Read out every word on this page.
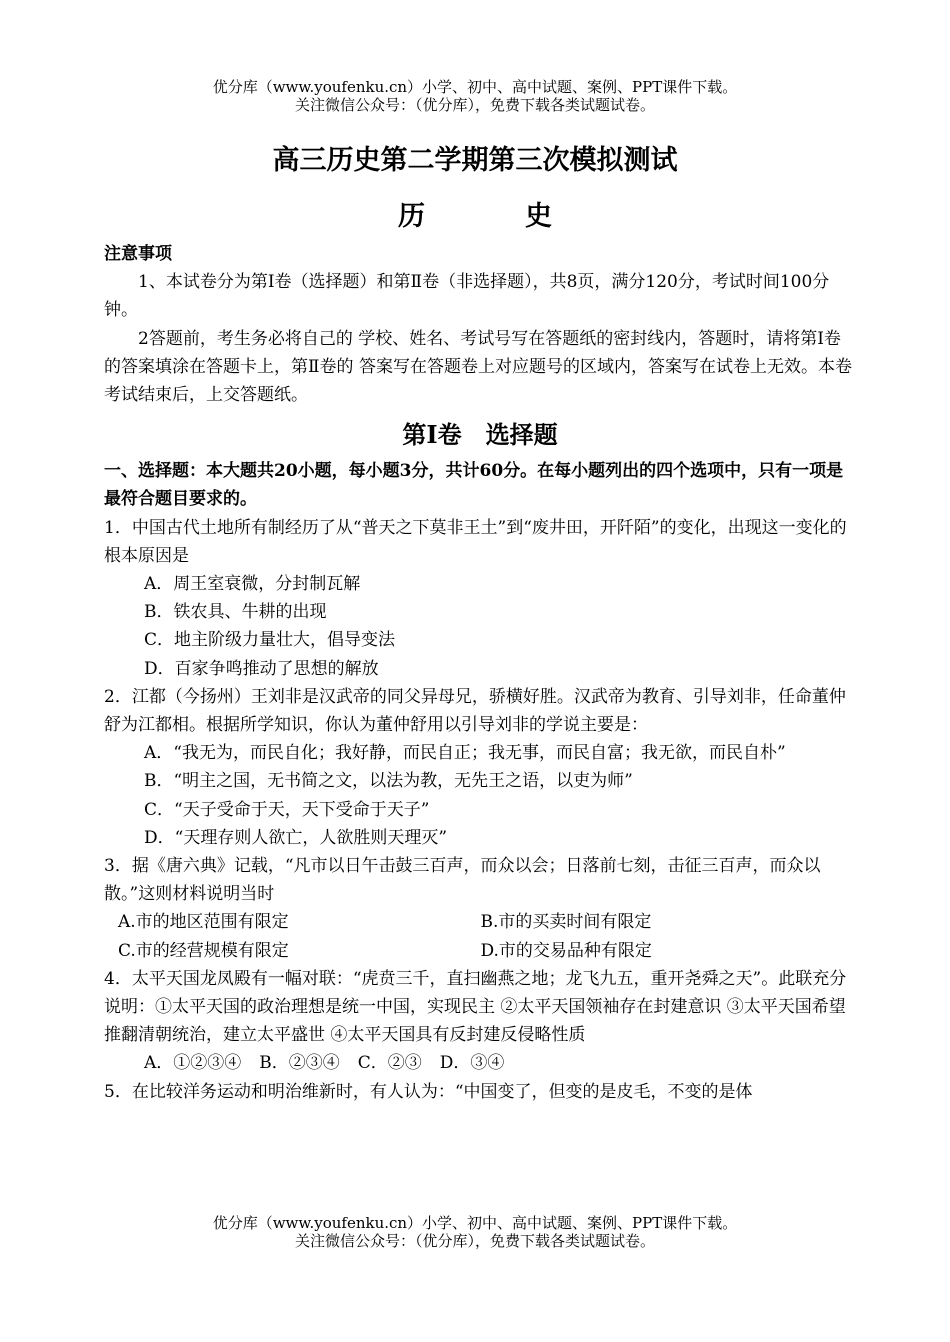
优分库（www.youfenku.cn）小学、初中、高中试题、案例、PPT课件下载。
关注微信公众号：（优分库），免费下载各类试题试卷。
高三历史第二学期第三次模拟测试
历	史

注意事项

1、本试卷分为第Ⅰ卷（选择题）和第Ⅱ卷（非选择题），共8页，满分120分，考试时间100分钟。

2答题前，考生务必将自己的 学校、姓名、考试号写在答题纸的密封线内，答题时，请将第Ⅰ卷的答案填涂在答题卡上，第Ⅱ卷的 答案写在答题卷上对应题号的区域内，答案写在试卷上无效。本卷考试结束后，上交答题纸。

第Ⅰ卷　选择题

一、选择题：本大题共20小题，每小题3分，共计60分。在每小题列出的四个选项中，只有一项是最符合题目要求的。

1．中国古代土地所有制经历了从“普天之下莫非王土”到“废井田，开阡陌”的变化，出现这一变化的根本原因是

A．周王室衰微，分封制瓦解

B．铁农具、牛耕的出现

C．地主阶级力量壮大，倡导变法

D．百家争鸣推动了思想的解放

2．江都（今扬州）王刘非是汉武帝的同父异母兄，骄横好胜。汉武帝为教育、引导刘非，任命董仲舒为江都相。根据所学知识，你认为董仲舒用以引导刘非的学说主要是：

A．“我无为，而民自化；我好静，而民自正；我无事，而民自富；我无欲，而民自朴”

B．“明主之国，无书简之文，以法为教，无先王之语，以吏为师”

C．“天子受命于天，天下受命于天子”

D．“天理存则人欲亡，人欲胜则天理灭”

3．据《唐六典》记载，“凡市以日午击鼓三百声，而众以会；日落前七刻，击征三百声，而众以散。”这则材料说明当时

A.市的地区范围有限定	B.市的买卖时间有限定
C.市的经营规模有限定	D.市的交易品种有限定

4．太平天国龙凤殿有一幅对联：“虎贲三千，直扫幽燕之地；龙飞九五，重开尧舜之天”。此联充分说明：①太平天国的政治理想是统一中国，实现民主 ②太平天国领袖存在封建意识 ③太平天国希望推翻清朝统治，建立太平盛世 ④太平天国具有反封建反侵略性质

A．①②③④ B．②③④ C．②③ D．③④

5．在比较洋务运动和明治维新时，有人认为：“中国变了，但变的是皮毛，不变的是体

优分库（www.youfenku.cn）小学、初中、高中试题、案例、PPT课件下载。
关注微信公众号：（优分库），免费下载各类试题试卷。
